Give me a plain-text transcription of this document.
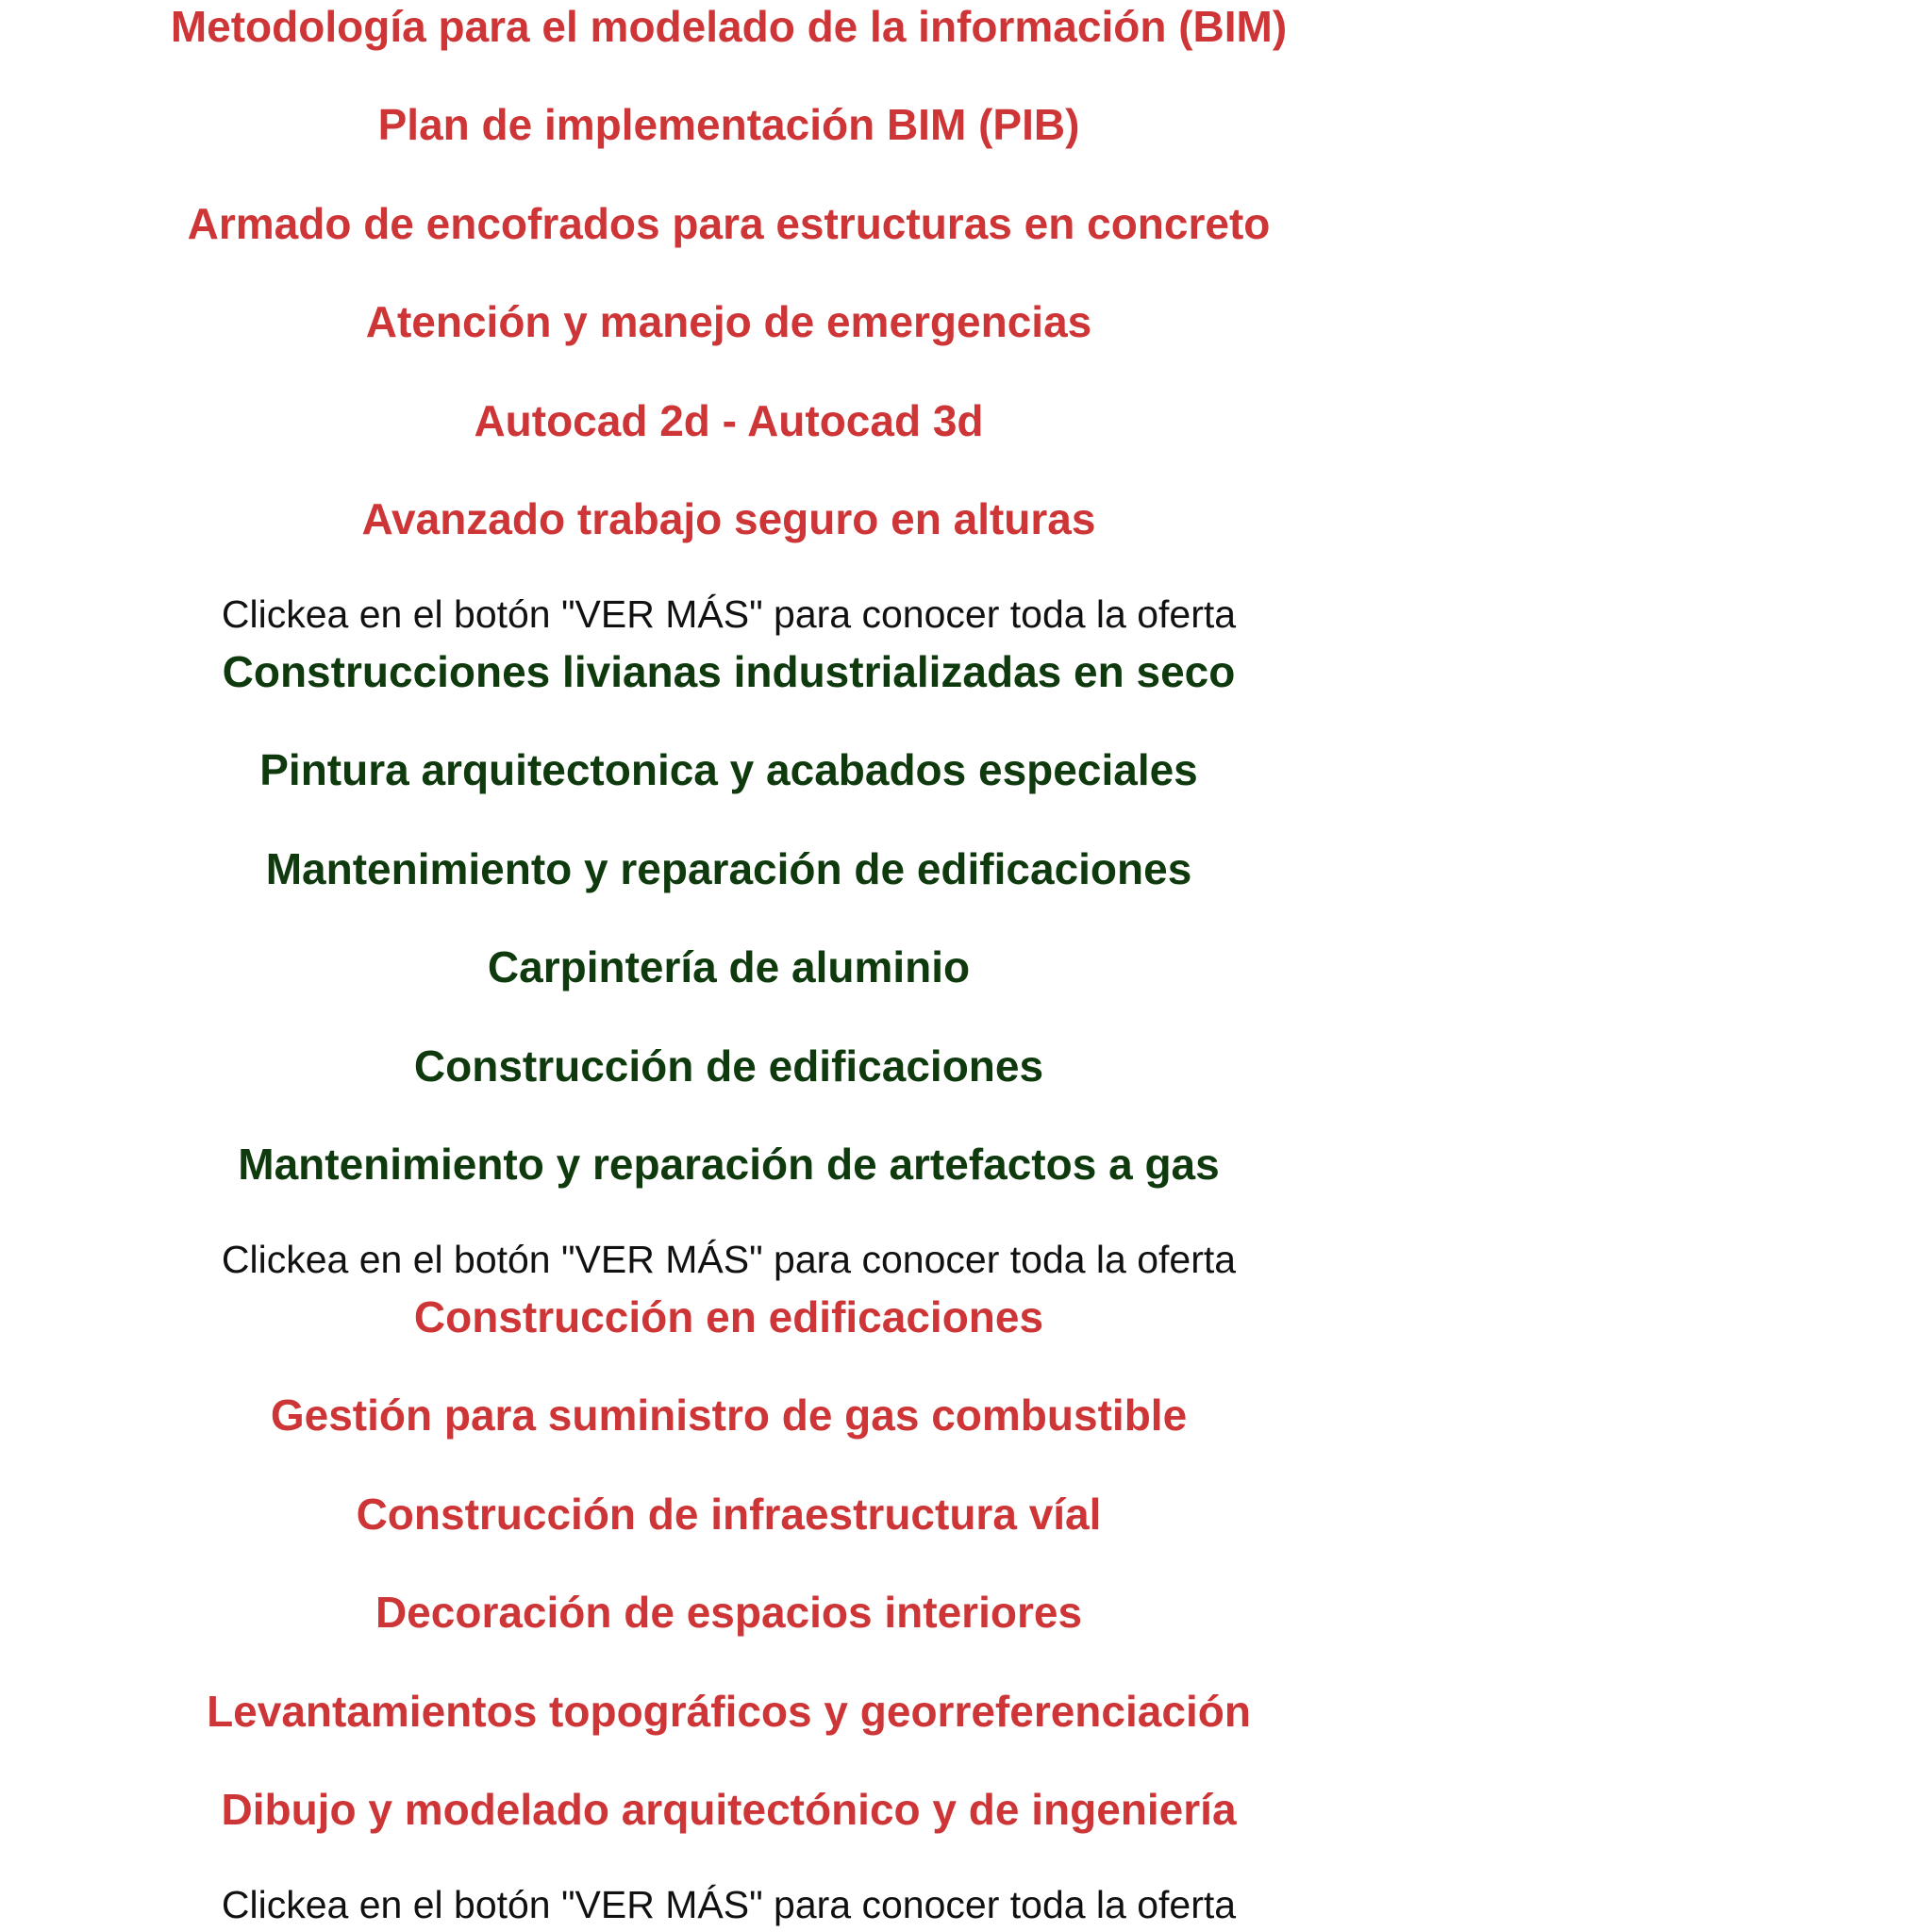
Metodología para el modelado de la información (BIM)
Plan de implementación BIM (PIB)
Armado de encofrados para estructuras en concreto
Atención y manejo de emergencias
Autocad 2d - Autocad 3d
Avanzado trabajo seguro en alturas
Clickea en el botón "VER MÁS" para conocer toda la oferta
Construcciones livianas industrializadas en seco
Pintura arquitectonica y acabados especiales
Mantenimiento y reparación de edificaciones
Carpintería de aluminio
Construcción de edificaciones
Mantenimiento y reparación de artefactos a gas
Clickea en el botón "VER MÁS" para conocer toda la oferta
Construcción en edificaciones
Gestión para suministro de gas combustible
Construcción de infraestructura víal
Decoración de espacios interiores
Levantamientos topográficos y georreferenciación
Dibujo y modelado arquitectónico y de ingeniería
Clickea en el botón "VER MÁS" para conocer toda la oferta
